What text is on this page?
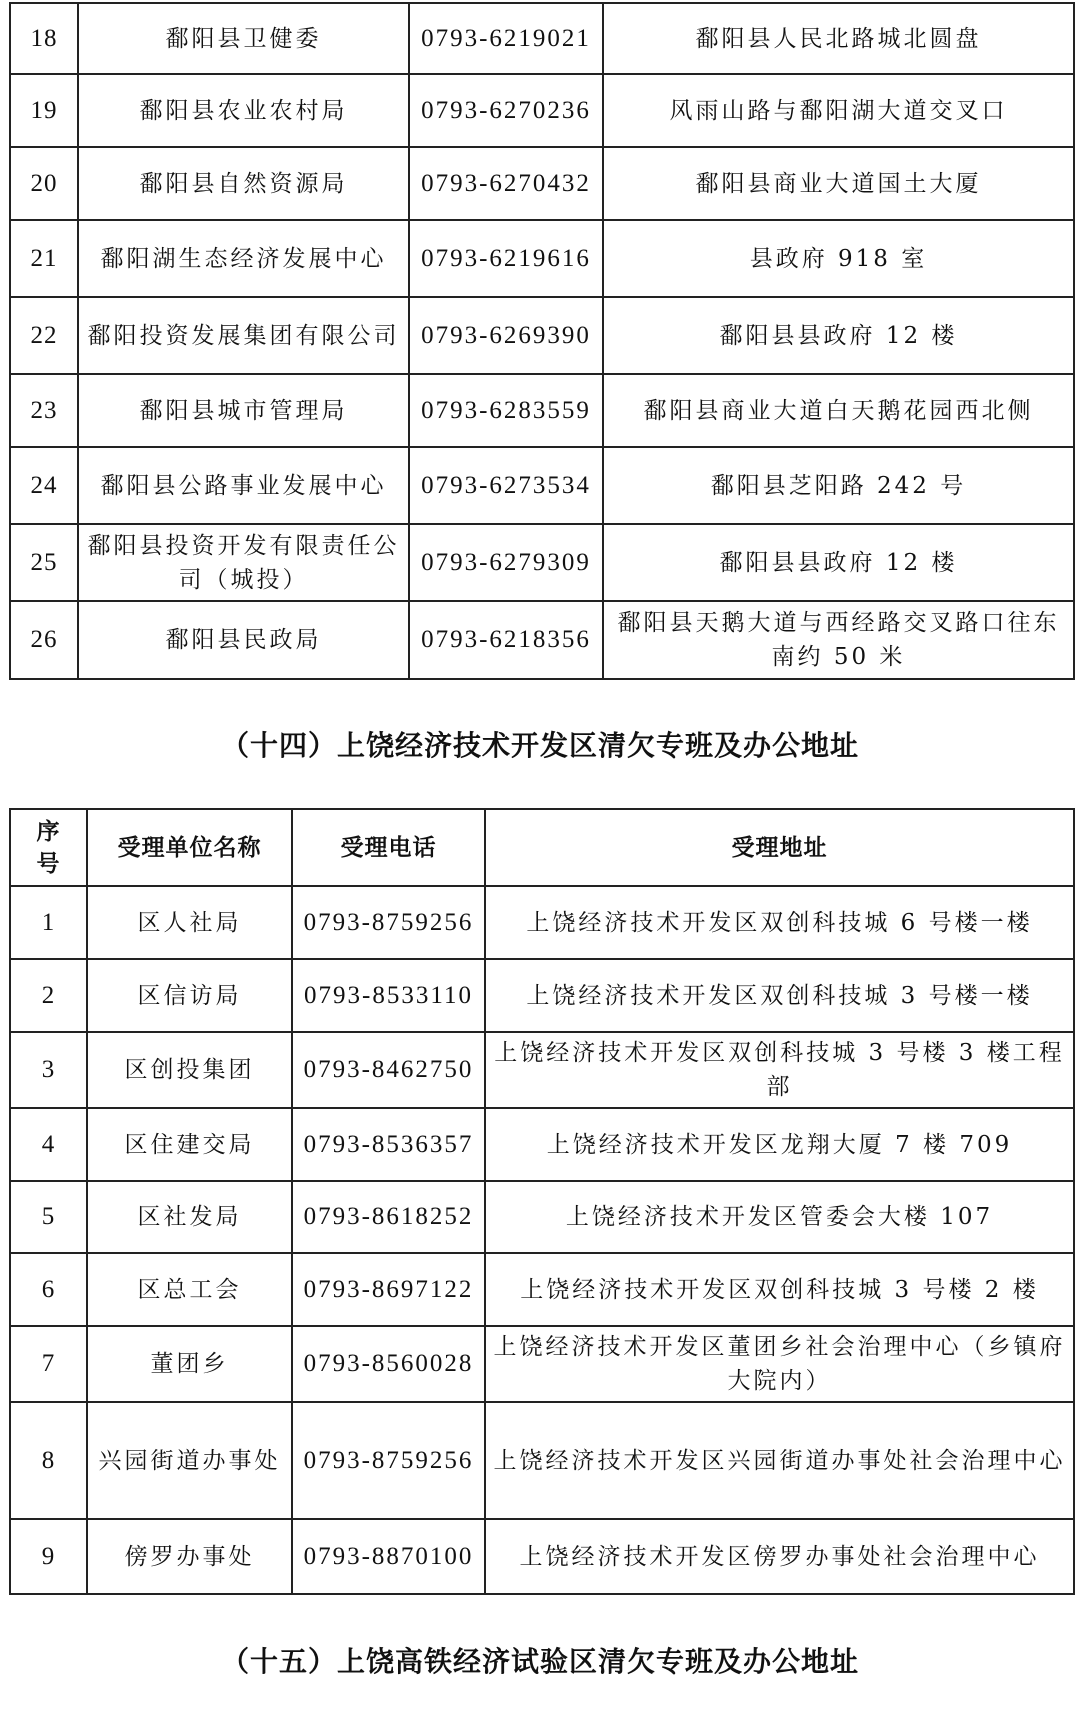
18	鄱阳县卫健委	0793-6219021	鄱阳县人民北路城北圆盘
19	鄱阳县农业农村局	0793-6270236	风雨山路与鄱阳湖大道交叉口
20	鄱阳县自然资源局	0793-6270432	鄱阳县商业大道国土大厦
21	鄱阳湖生态经济发展中心	0793-6219616	县政府 918 室
22	鄱阳投资发展集团有限公司	0793-6269390	鄱阳县县政府 12 楼
23	鄱阳县城市管理局	0793-6283559	鄱阳县商业大道白天鹅花园西北侧
24	鄱阳县公路事业发展中心	0793-6273534	鄱阳县芝阳路 242 号
25	鄱阳县投资开发有限责任公司（城投）	0793-6279309	鄱阳县县政府 12 楼
26	鄱阳县民政局	0793-6218356	鄱阳县天鹅大道与西经路交叉路口往东南约 50 米
（十四）上饶经济技术开发区清欠专班及办公地址
序号	受理单位名称	受理电话	受理地址
1	区人社局	0793-8759256	上饶经济技术开发区双创科技城 6 号楼一楼
2	区信访局	0793-8533110	上饶经济技术开发区双创科技城 3 号楼一楼
3	区创投集团	0793-8462750	上饶经济技术开发区双创科技城 3 号楼 3 楼工程部
4	区住建交局	0793-8536357	上饶经济技术开发区龙翔大厦 7 楼 709
5	区社发局	0793-8618252	上饶经济技术开发区管委会大楼 107
6	区总工会	0793-8697122	上饶经济技术开发区双创科技城 3 号楼 2 楼
7	董团乡	0793-8560028	上饶经济技术开发区董团乡社会治理中心（乡镇府大院内）
8	兴园街道办事处	0793-8759256	上饶经济技术开发区兴园街道办事处社会治理中心
9	傍罗办事处	0793-8870100	上饶经济技术开发区傍罗办事处社会治理中心
（十五）上饶高铁经济试验区清欠专班及办公地址
